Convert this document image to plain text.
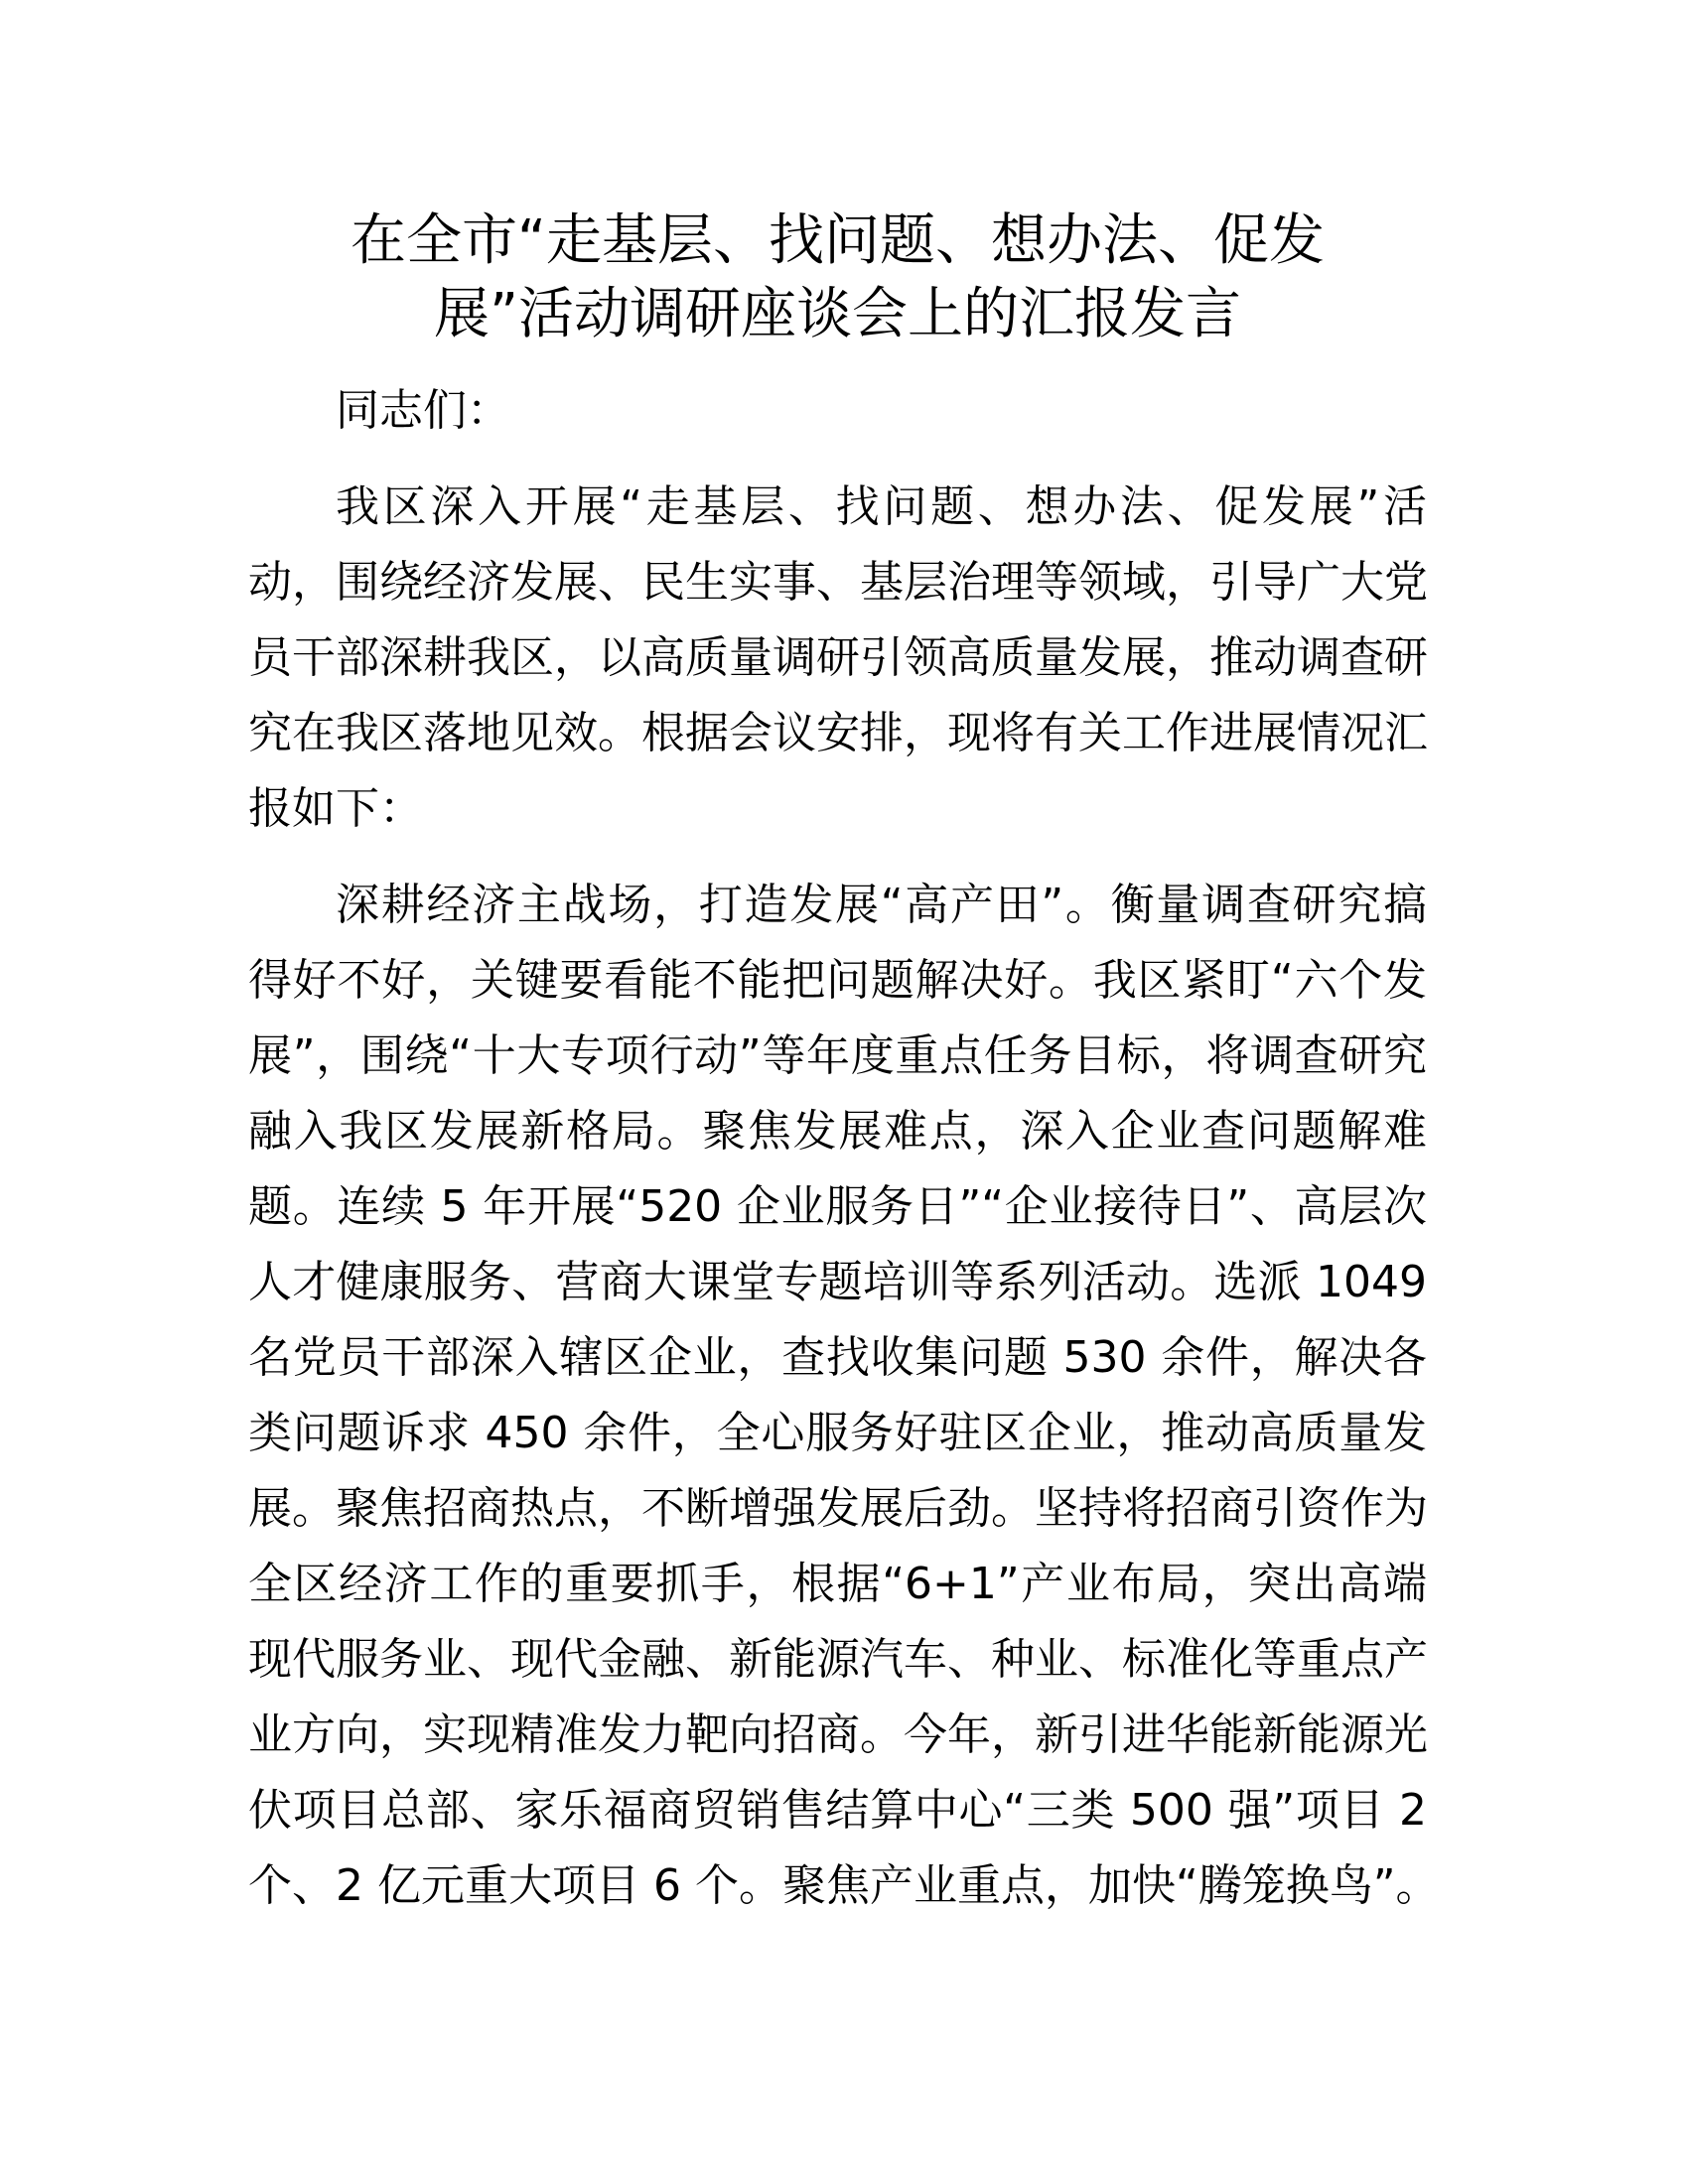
在全市“走基层、找问题、想办法、促发
展”活动调研座谈会上的汇报发言
同志们：
我区深入开展“走基层、找问题、想办法、促发展”活
动，围绕经济发展、民生实事、基层治理等领域，引导广大党
员干部深耕我区，以高质量调研引领高质量发展，推动调查研
究在我区落地见效。根据会议安排，现将有关工作进展情况汇
报如下：
深耕经济主战场，打造发展“高产田”。衡量调查研究搞
得好不好，关键要看能不能把问题解决好。我区紧盯“六个发
展”，围绕“十大专项行动”等年度重点任务目标，将调查研究
融入我区发展新格局。聚焦发展难点，深入企业查问题解难
题。连续 5 年开展“520 企业服务日”“企业接待日”、高层次
人才健康服务、营商大课堂专题培训等系列活动。选派 1049
名党员干部深入辖区企业，查找收集问题 530 余件，解决各
类问题诉求 450 余件，全心服务好驻区企业，推动高质量发
展。聚焦招商热点，不断增强发展后劲。坚持将招商引资作为
全区经济工作的重要抓手，根据“6+1”产业布局，突出高端
现代服务业、现代金融、新能源汽车、种业、标准化等重点产
业方向，实现精准发力靶向招商。今年，新引进华能新能源光
伏项目总部、家乐福商贸销售结算中心“三类 500 强”项目 2
个、2 亿元重大项目 6 个。聚焦产业重点，加快“腾笼换鸟”。
